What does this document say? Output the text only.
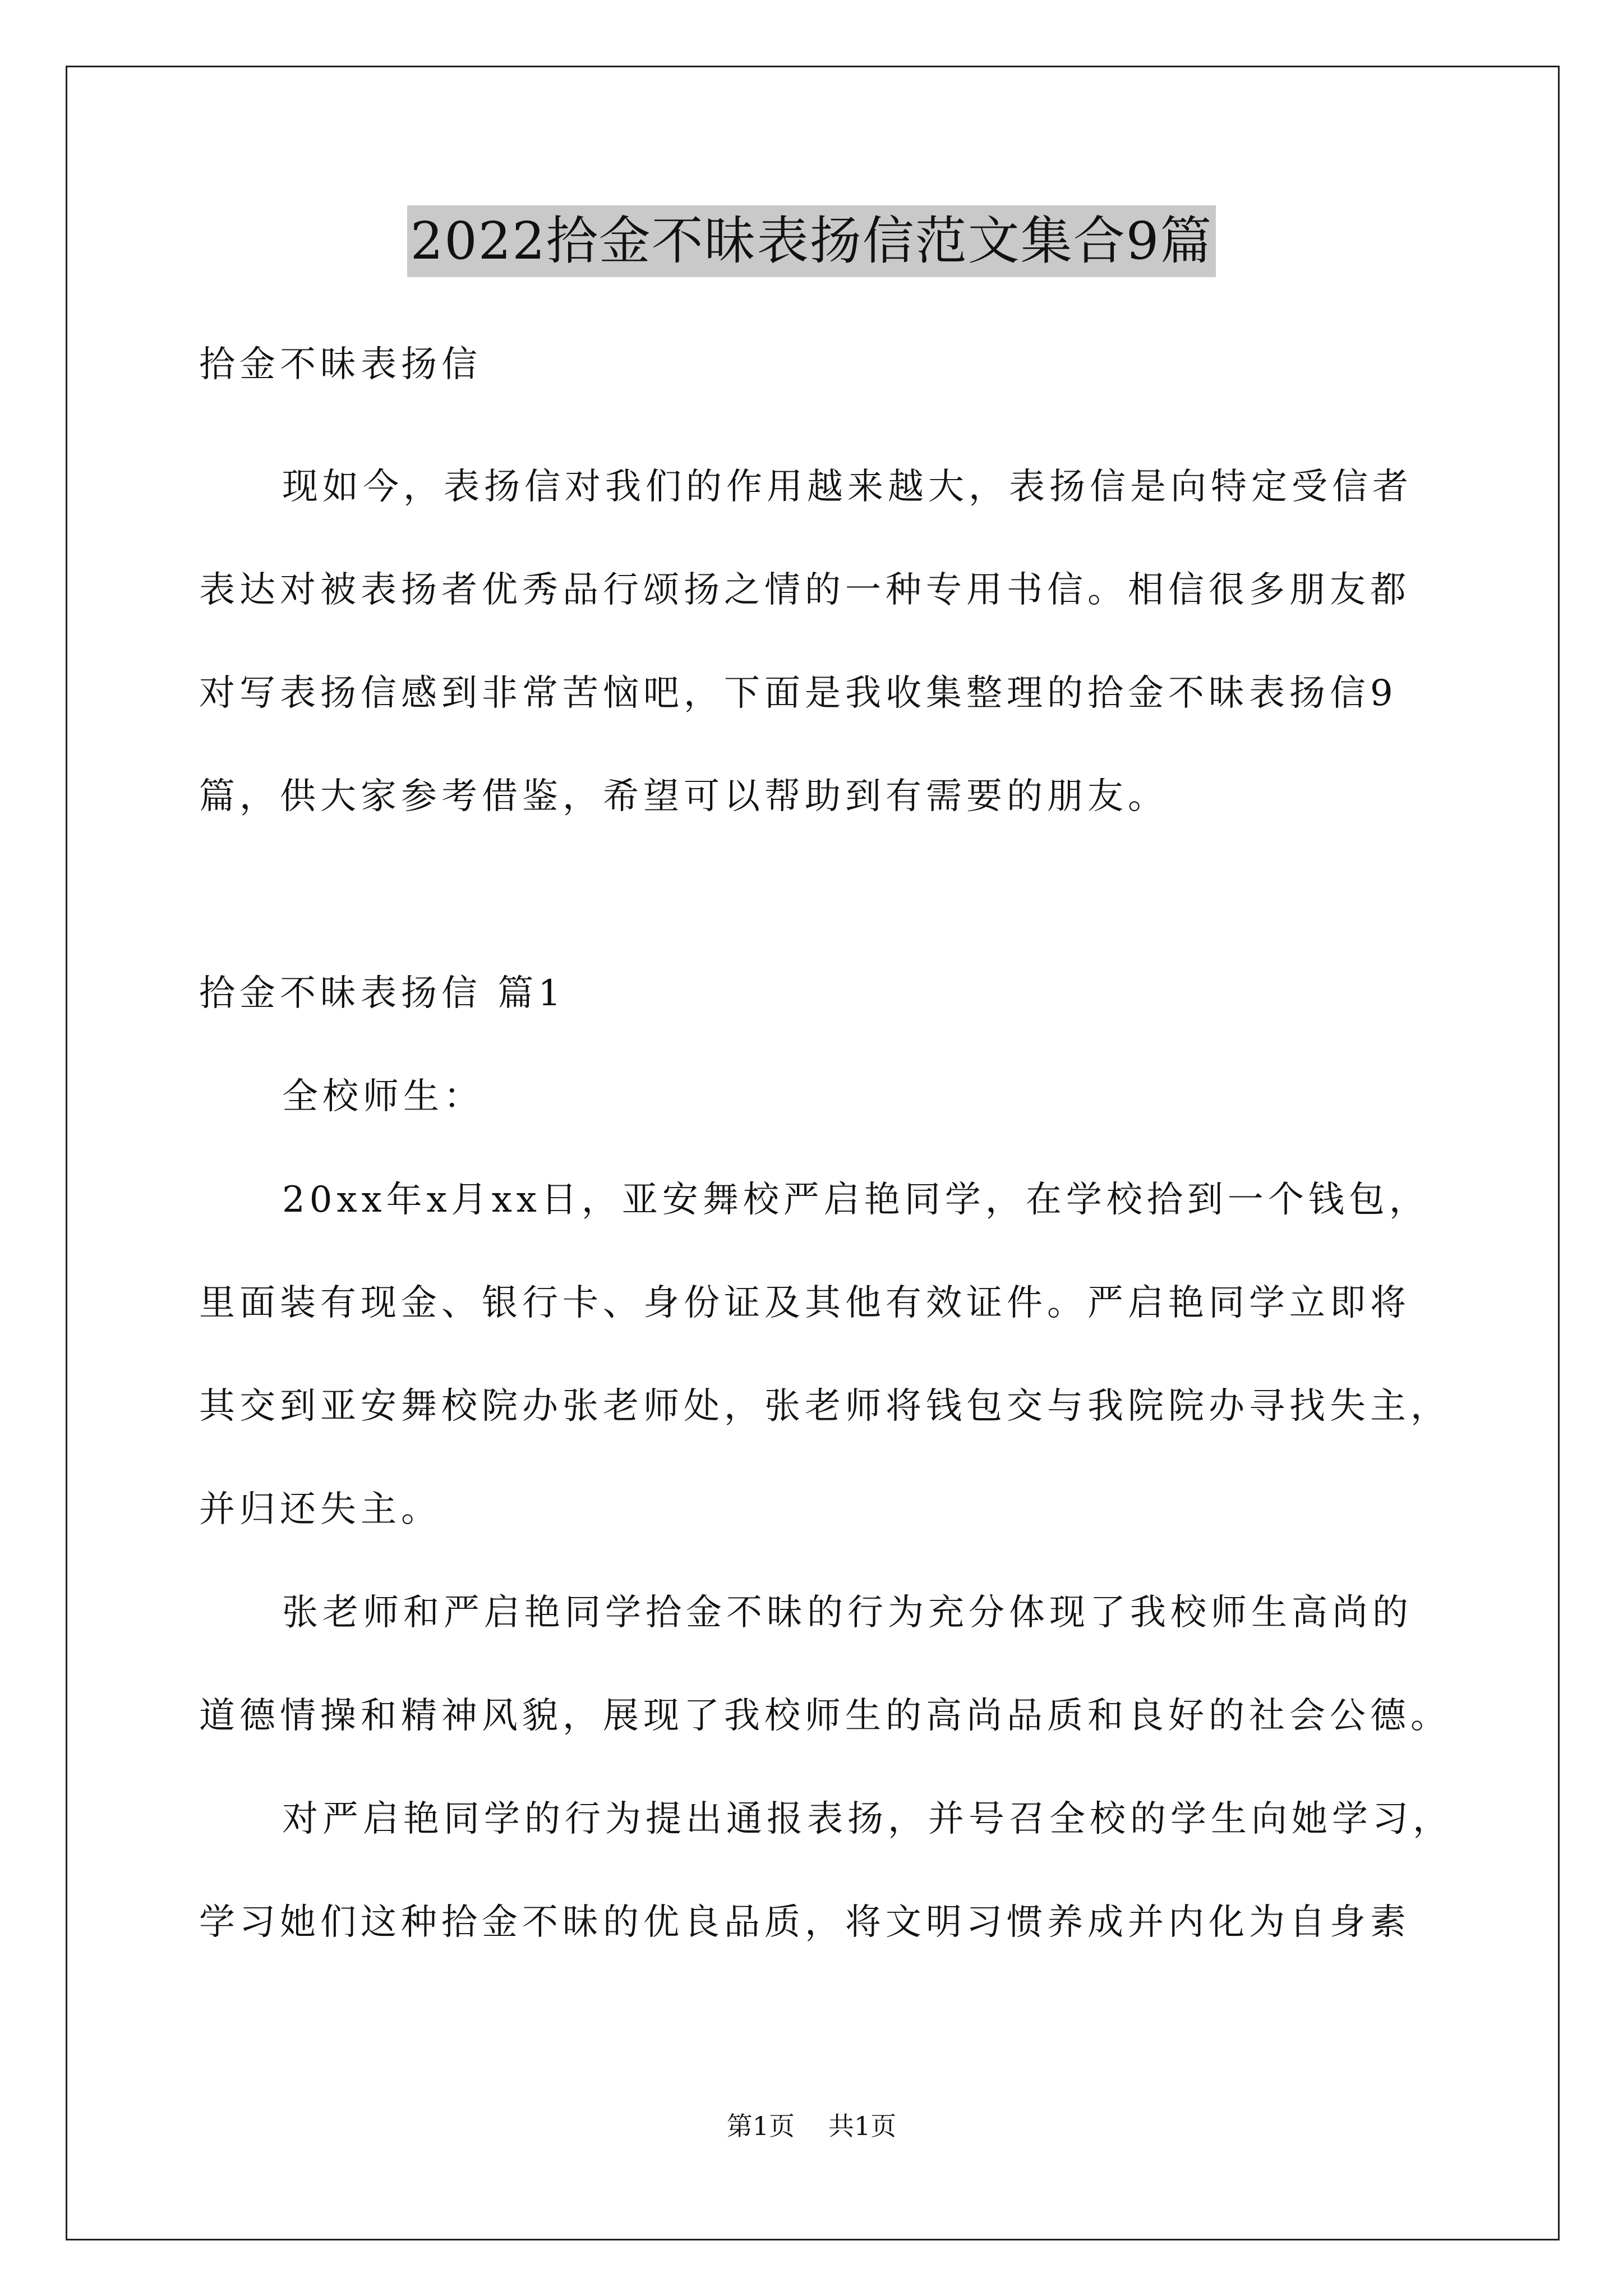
2022拾金不昧表扬信范文集合9篇
拾金不昧表扬信
现如今，表扬信对我们的作用越来越大，表扬信是向特定受信者
表达对被表扬者优秀品行颂扬之情的一种专用书信。相信很多朋友都
对写表扬信感到非常苦恼吧，下面是我收集整理的拾金不昧表扬信9
篇，供大家参考借鉴，希望可以帮助到有需要的朋友。
拾金不昧表扬信 篇1
全校师生：
20xx年x月xx日，亚安舞校严启艳同学，在学校拾到一个钱包，
里面装有现金、银行卡、身份证及其他有效证件。严启艳同学立即将
其交到亚安舞校院办张老师处，张老师将钱包交与我院院办寻找失主，
并归还失主。
张老师和严启艳同学拾金不昧的行为充分体现了我校师生高尚的
道德情操和精神风貌，展现了我校师生的高尚品质和良好的社会公德。
对严启艳同学的行为提出通报表扬，并号召全校的学生向她学习，
学习她们这种拾金不昧的优良品质，将文明习惯养成并内化为自身素
第1页 共1页
